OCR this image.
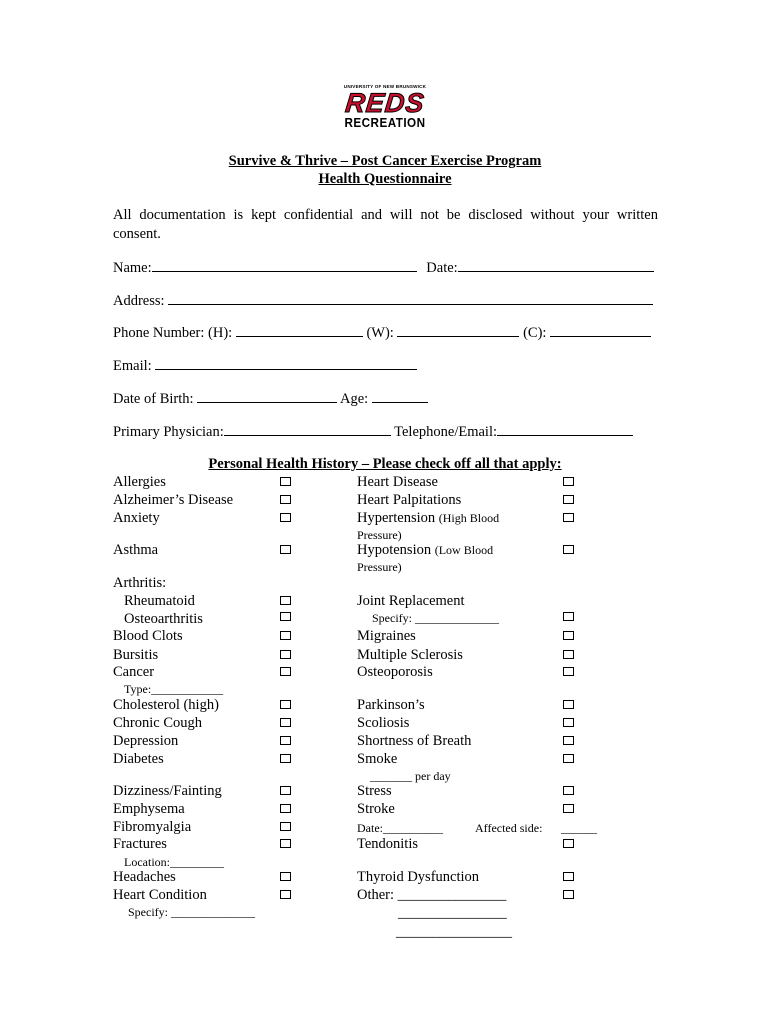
UNIVERSITY OF NEW BRUNSWICK
REDS
RECREATION
Survive & Thrive – Post Cancer Exercise Program
Health Questionnaire
All documentation is kept confidential and will not be disclosed without your written consent.
Name:	Date:
Address:
Phone Number: (H):	(W):	(C):
Email:
Date of Birth:	Age:
Primary Physician:	Telephone/Email:
Personal Health History – Please check off all that apply:
Allergies
Alzheimer’s Disease
Anxiety
Asthma
Arthritis:
Rheumatoid
Osteoarthritis
Blood Clots
Bursitis
Cancer
Type:____________
Cholesterol (high)
Chronic Cough
Depression
Diabetes
Dizziness/Fainting
Emphysema
Fibromyalgia
Fractures
Location:_________
Headaches
Heart Condition
Specify: ______________
Heart Disease
Heart Palpitations
Hypertension (High Blood
Pressure)
Hypotension (Low Blood
Pressure)
Joint Replacement
Specify: ______________
Migraines
Multiple Sclerosis
Osteoporosis
Parkinson’s
Scoliosis
Shortness of Breath
Smoke
_______ per day
Stress
Stroke
Date:__________	Affected side: ______
Tendonitis
Thyroid Dysfunction
Other: _______________
_______________
________________
